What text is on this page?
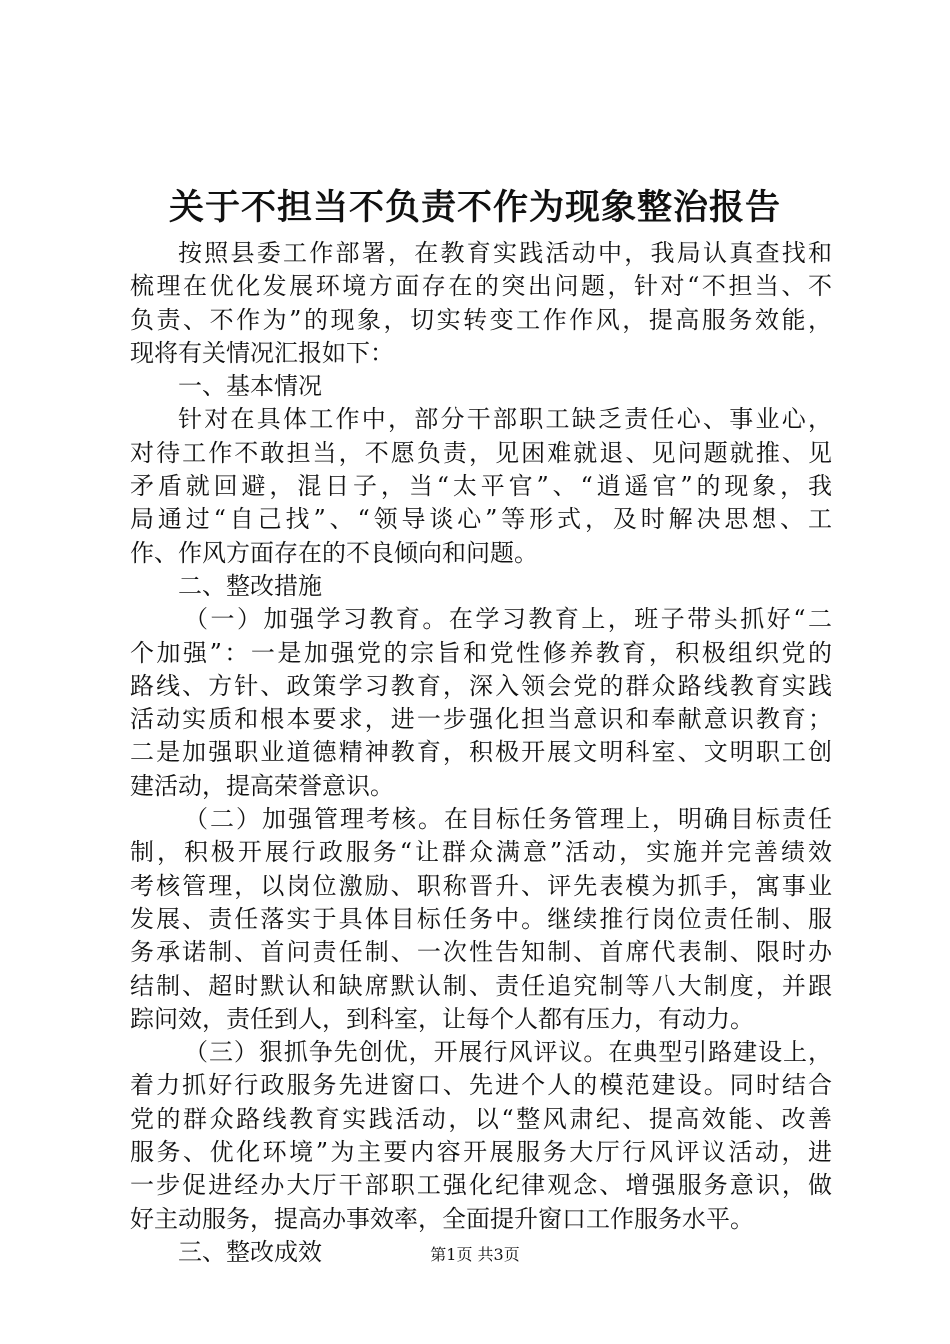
关于不担当不负责不作为现象整治报告
按照县委工作部署，在教育实践活动中，我局认真查找和
梳理在优化发展环境方面存在的突出问题，针对“不担当、不
负责、不作为”的现象，切实转变工作作风，提高服务效能，
现将有关情况汇报如下：
一、基本情况
针对在具体工作中，部分干部职工缺乏责任心、事业心，
对待工作不敢担当，不愿负责，见困难就退、见问题就推、见
矛盾就回避，混日子，当“太平官”、“逍遥官”的现象，我
局通过“自己找”、“领导谈心”等形式，及时解决思想、工
作、作风方面存在的不良倾向和问题。
二、整改措施
（一）加强学习教育。在学习教育上，班子带头抓好“二
个加强”：一是加强党的宗旨和党性修养教育，积极组织党的
路线、方针、政策学习教育，深入领会党的群众路线教育实践
活动实质和根本要求，进一步强化担当意识和奉献意识教育；
二是加强职业道德精神教育，积极开展文明科室、文明职工创
建活动，提高荣誉意识。
（二）加强管理考核。在目标任务管理上，明确目标责任
制，积极开展行政服务“让群众满意”活动，实施并完善绩效
考核管理，以岗位激励、职称晋升、评先表模为抓手，寓事业
发展、责任落实于具体目标任务中。继续推行岗位责任制、服
务承诺制、首问责任制、一次性告知制、首席代表制、限时办
结制、超时默认和缺席默认制、责任追究制等八大制度，并跟
踪问效，责任到人，到科室，让每个人都有压力，有动力。
（三）狠抓争先创优，开展行风评议。在典型引路建设上，
着力抓好行政服务先进窗口、先进个人的模范建设。同时结合
党的群众路线教育实践活动，以“整风肃纪、提高效能、改善
服务、优化环境”为主要内容开展服务大厅行风评议活动，进
一步促进经办大厅干部职工强化纪律观念、增强服务意识，做
好主动服务，提高办事效率，全面提升窗口工作服务水平。
三、整改成效	第1页 共3页
